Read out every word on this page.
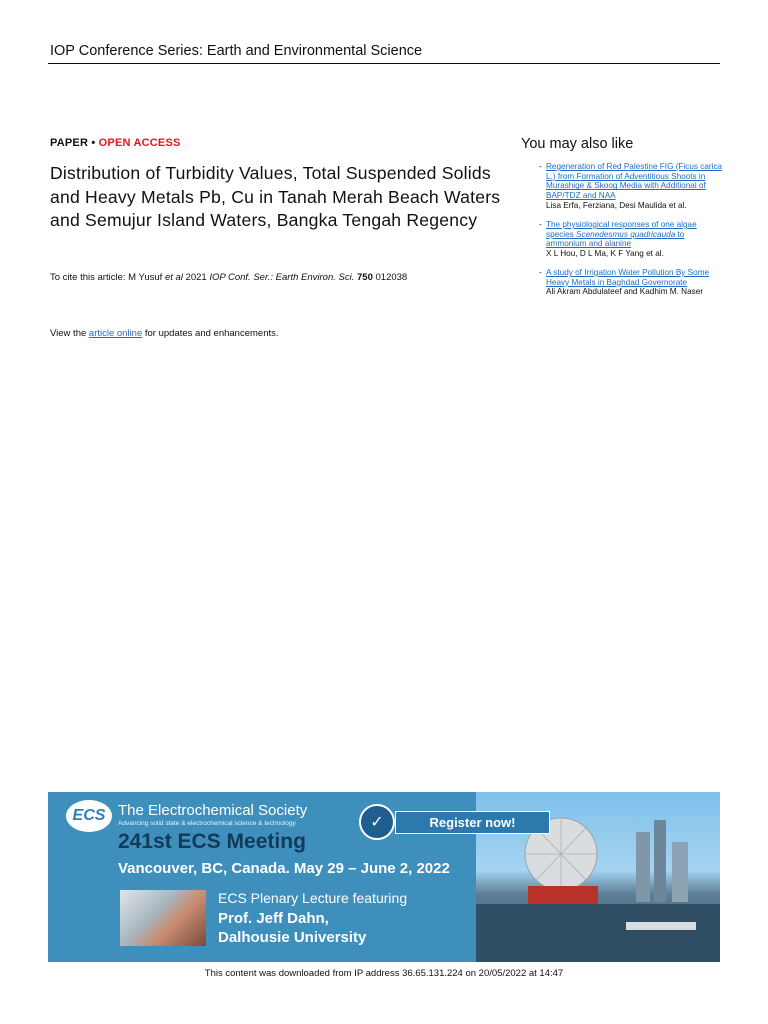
IOP Conference Series: Earth and Environmental Science
PAPER • OPEN ACCESS
Distribution of Turbidity Values, Total Suspended Solids and Heavy Metals Pb, Cu in Tanah Merah Beach Waters and Semujur Island Waters, Bangka Tengah Regency
To cite this article: M Yusuf et al 2021 IOP Conf. Ser.: Earth Environ. Sci. 750 012038
View the article online for updates and enhancements.
You may also like
- Regeneration of Red Palestine FIG (Ficus carica L.) from Formation of Adventitious Shoots in Murashige & Skoog Media with Additional of BAP/TDZ and NAA
Lisa Erfa, Ferziana, Desi Maulida et al.
- The physiological responses of one algae species Scenedesmus quadricauda to ammonium and alanine
X L Hou, D L Ma, K F Yang et al.
- A study of Irrigation Water Pollution By Some Heavy Metals in Baghdad Governorate
Ali Akram Abdulateef and Kadhim M. Naser
ECS The Electrochemical Society
Advancing solid state & electrochemical science & technology
241st ECS Meeting
Vancouver, BC, Canada. May 29 – June 2, 2022
✓	Register now!
ECS Plenary Lecture featuring
Prof. Jeff Dahn,
Dalhousie University
This content was downloaded from IP address 36.65.131.224 on 20/05/2022 at 14:47
